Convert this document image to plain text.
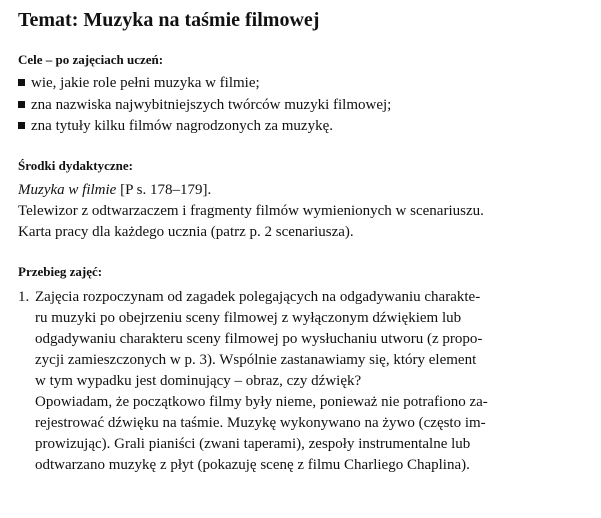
Temat: Muzyka na taśmie filmowej
Cele – po zajęciach uczeń:
wie, jakie role pełni muzyka w filmie;
zna nazwiska najwybitniejszych twórców muzyki filmowej;
zna tytuły kilku filmów nagrodzonych za muzykę.
Środki dydaktyczne:

Muzyka w filmie [P s. 178–179].

Telewizor z odtwarzaczem i fragmenty filmów wymienionych w scenariuszu.

Karta pracy dla każdego ucznia (patrz p. 2 scenariusza).

Przebieg zajęć:

1. Zajęcia rozpoczynam od zagadek polegających na odgadywaniu charakte-

ru muzyki po obejrzeniu sceny filmowej z wyłączonym dźwiękiem lub

odgadywaniu charakteru sceny filmowej po wysłuchaniu utworu (z propo-

zycji zamieszczonych w p. 3). Wspólnie zastanawiamy się, który element

w tym wypadku jest dominujący – obraz, czy dźwięk?

Opowiadam, że początkowo filmy były nieme, ponieważ nie potrafiono za-

rejestrować dźwięku na taśmie. Muzykę wykonywano na żywo (często im-

prowizując). Grali pianiści (zwani taperami), zespoły instrumentalne lub

odtwarzano muzykę z płyt (pokazuję scenę z filmu Charliego Chaplina).
